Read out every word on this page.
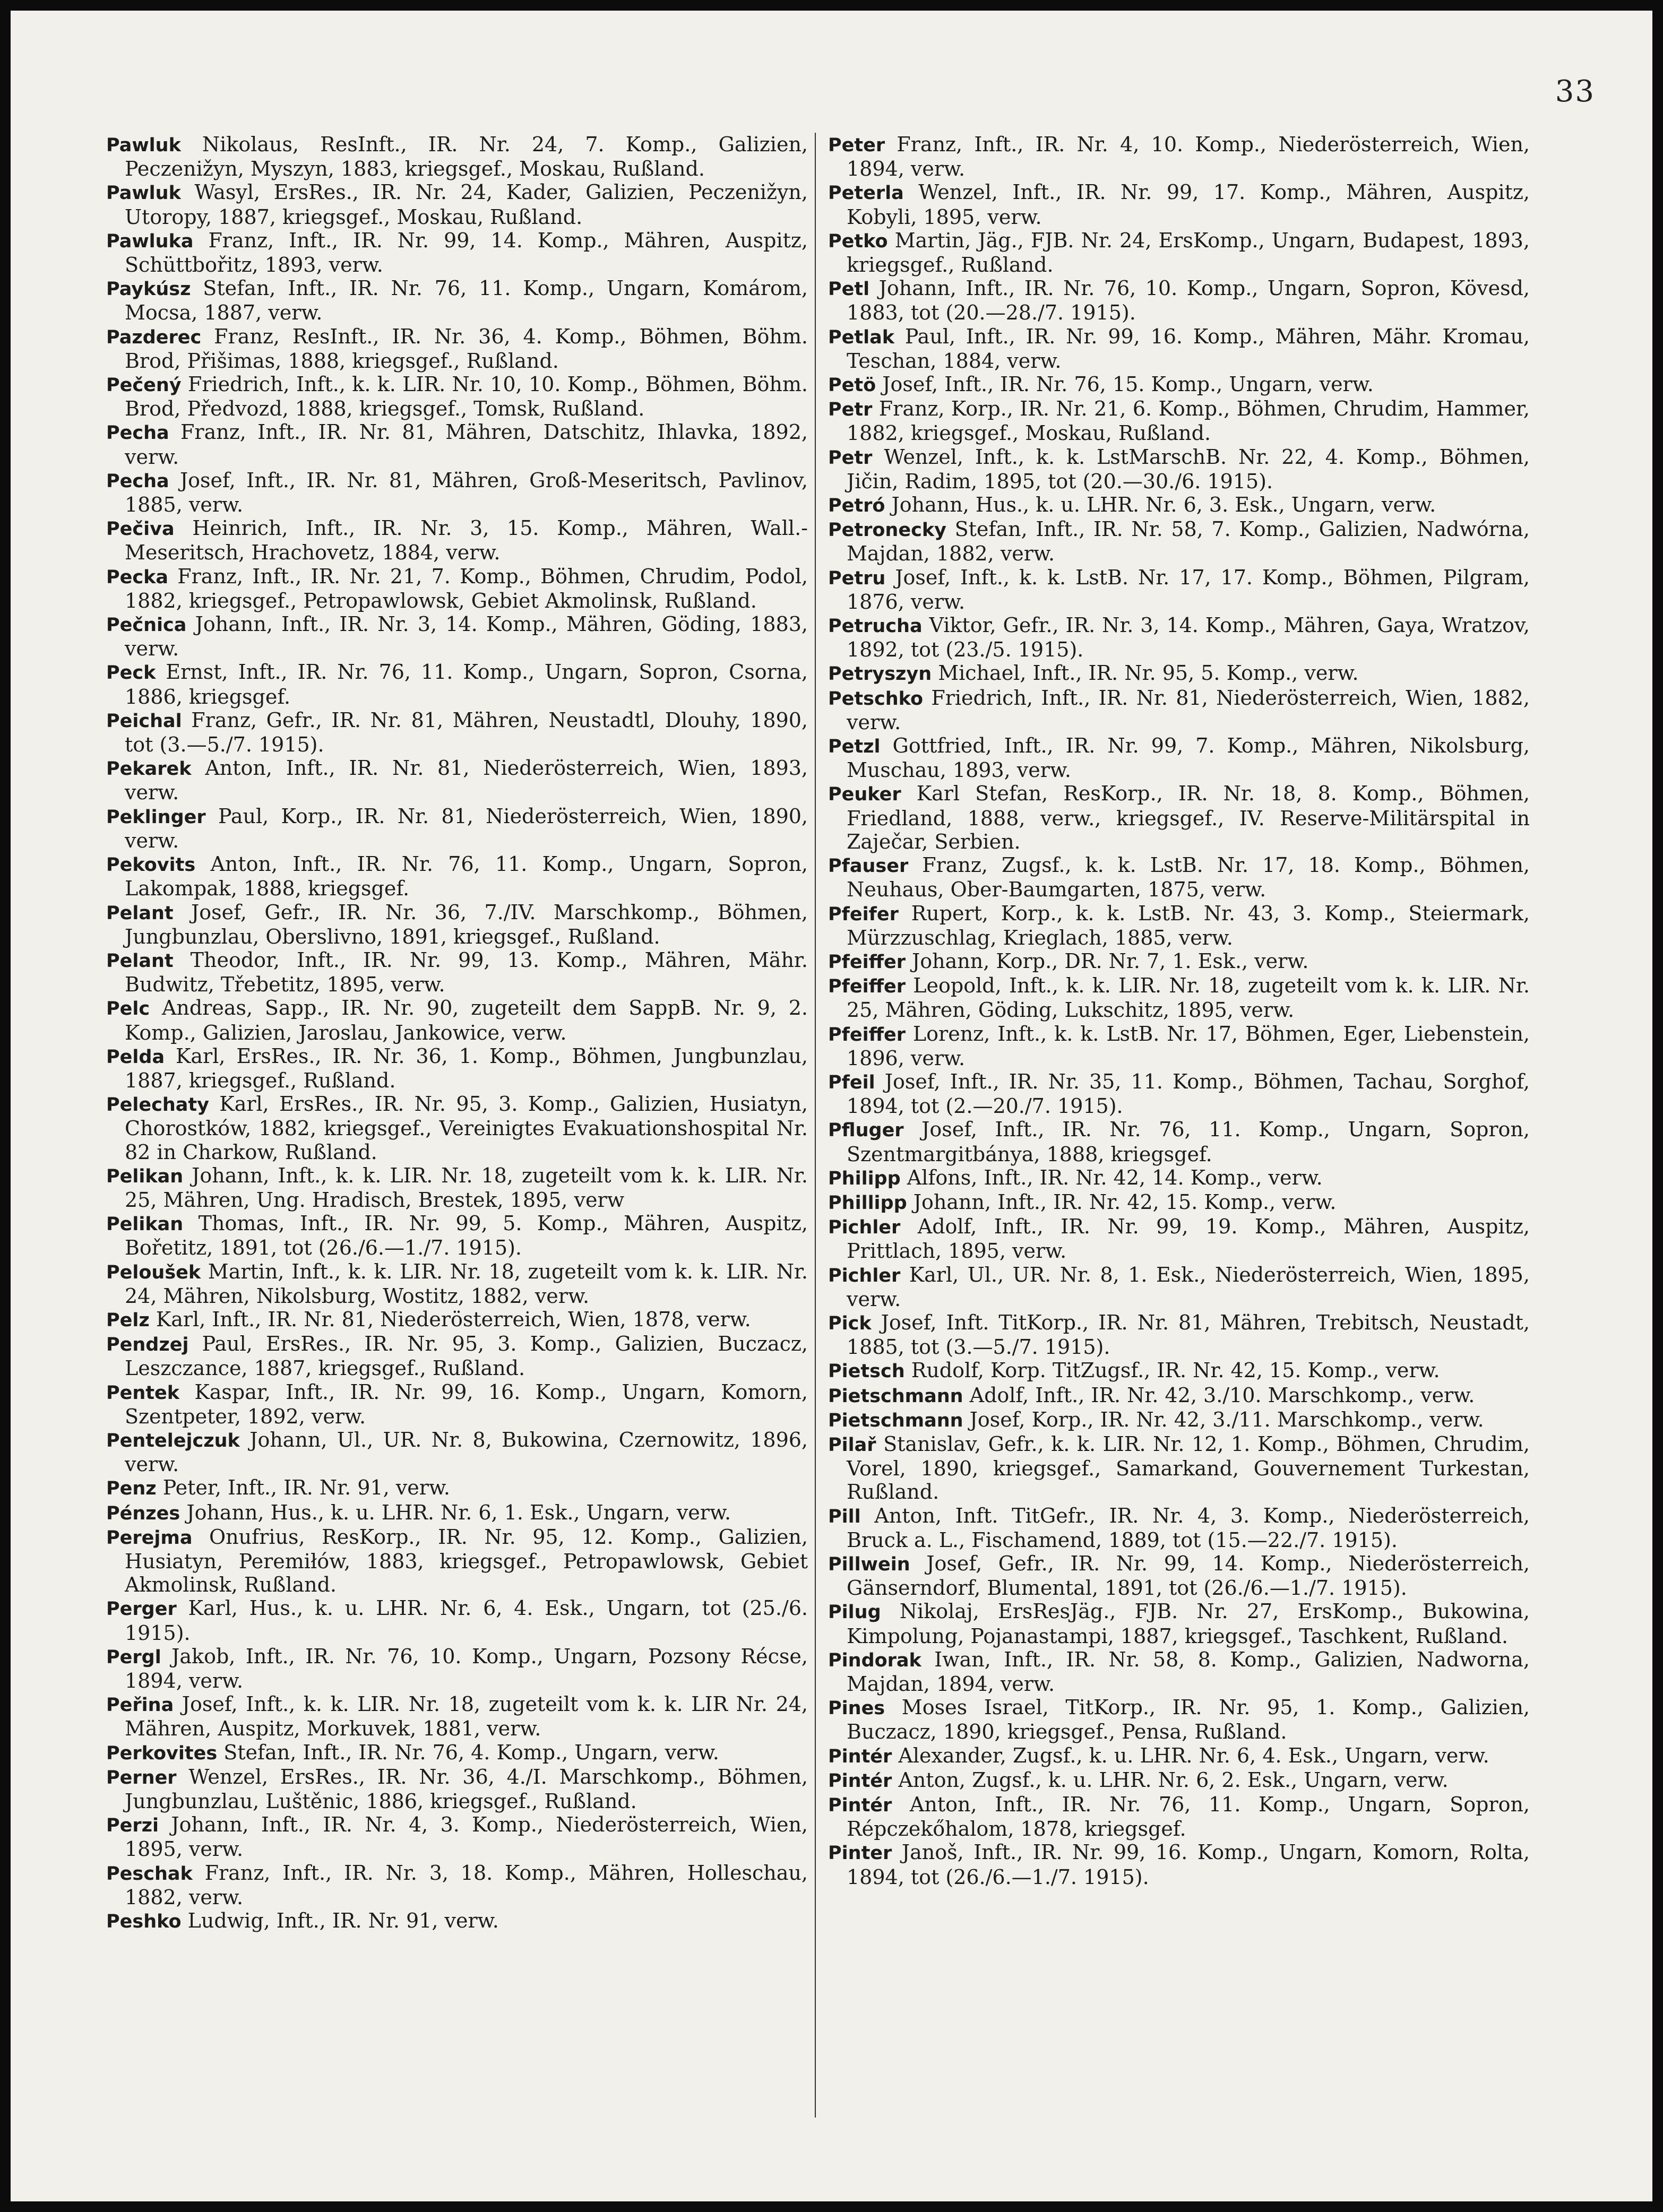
33

Pawluk Nikolaus, ResInft., IR. Nr. 24, 7. Komp., Galizien, Peczenižyn, Myszyn, 1883, kriegsgef., Moskau, Rußland.

Pawluk Wasyl, ErsRes., IR. Nr. 24, Kader, Galizien, Peczenižyn, Utoropy, 1887, kriegsgef., Moskau, Rußland.

Pawluka Franz, Inft., IR. Nr. 99, 14. Komp., Mähren, Auspitz, Schüttbořitz, 1893, verw.

Paykúsz Stefan, Inft., IR. Nr. 76, 11. Komp., Ungarn, Komárom, Mocsa, 1887, verw.

Pazderec Franz, ResInft., IR. Nr. 36, 4. Komp., Böhmen, Böhm. Brod, Přišimas, 1888, kriegsgef., Rußland.

Pečený Friedrich, Inft., k. k. LIR. Nr. 10, 10. Komp., Böhmen, Böhm. Brod, Předvozd, 1888, kriegsgef., Tomsk, Rußland.

Pecha Franz, Inft., IR. Nr. 81, Mähren, Datschitz, Ihlavka, 1892, verw.

Pecha Josef, Inft., IR. Nr. 81, Mähren, Groß-Meseritsch, Pavlinov, 1885, verw.

Pečiva Heinrich, Inft., IR. Nr. 3, 15. Komp., Mähren, Wall.-Meseritsch, Hrachovetz, 1884, verw.

Pecka Franz, Inft., IR. Nr. 21, 7. Komp., Böhmen, Chrudim, Podol, 1882, kriegsgef., Petropawlowsk, Gebiet Akmolinsk, Rußland.

Pečnica Johann, Inft., IR. Nr. 3, 14. Komp., Mähren, Göding, 1883, verw.

Peck Ernst, Inft., IR. Nr. 76, 11. Komp., Ungarn, Sopron, Csorna, 1886, kriegsgef.

Peichal Franz, Gefr., IR. Nr. 81, Mähren, Neustadtl, Dlouhy, 1890, tot (3.—5./7. 1915).

Pekarek Anton, Inft., IR. Nr. 81, Niederösterreich, Wien, 1893, verw.

Peklinger Paul, Korp., IR. Nr. 81, Niederösterreich, Wien, 1890, verw.

Pekovits Anton, Inft., IR. Nr. 76, 11. Komp., Ungarn, Sopron, Lakompak, 1888, kriegsgef.

Pelant Josef, Gefr., IR. Nr. 36, 7./IV. Marschkomp., Böhmen, Jungbunzlau, Oberslivno, 1891, kriegsgef., Rußland.

Pelant Theodor, Inft., IR. Nr. 99, 13. Komp., Mähren, Mähr. Budwitz, Třebetitz, 1895, verw.

Pelc Andreas, Sapp., IR. Nr. 90, zugeteilt dem SappB. Nr. 9, 2. Komp., Galizien, Jaroslau, Jankowice, verw.

Pelda Karl, ErsRes., IR. Nr. 36, 1. Komp., Böhmen, Jungbunzlau, 1887, kriegsgef., Rußland.

Pelechaty Karl, ErsRes., IR. Nr. 95, 3. Komp., Galizien, Husiatyn, Chorostków, 1882, kriegsgef., Vereinigtes Evakuationshospital Nr. 82 in Charkow, Rußland.

Pelikan Johann, Inft., k. k. LIR. Nr. 18, zugeteilt vom k. k. LIR. Nr. 25, Mähren, Ung. Hradisch, Brestek, 1895, verw

Pelikan Thomas, Inft., IR. Nr. 99, 5. Komp., Mähren, Auspitz, Bořetitz, 1891, tot (26./6.—1./7. 1915).

Peloušek Martin, Inft., k. k. LIR. Nr. 18, zugeteilt vom k. k. LIR. Nr. 24, Mähren, Nikolsburg, Wostitz, 1882, verw.

Pelz Karl, Inft., IR. Nr. 81, Niederösterreich, Wien, 1878, verw.

Pendzej Paul, ErsRes., IR. Nr. 95, 3. Komp., Galizien, Buczacz, Leszczance, 1887, kriegsgef., Rußland.

Pentek Kaspar, Inft., IR. Nr. 99, 16. Komp., Ungarn, Komorn, Szentpeter, 1892, verw.

Pentelejczuk Johann, Ul., UR. Nr. 8, Bukowina, Czernowitz, 1896, verw.

Penz Peter, Inft., IR. Nr. 91, verw.

Pénzes Johann, Hus., k. u. LHR. Nr. 6, 1. Esk., Ungarn, verw.

Perejma Onufrius, ResKorp., IR. Nr. 95, 12. Komp., Galizien, Husiatyn, Peremiłów, 1883, kriegsgef., Petropawlowsk, Gebiet Akmolinsk, Rußland.

Perger Karl, Hus., k. u. LHR. Nr. 6, 4. Esk., Ungarn, tot (25./6. 1915).

Pergl Jakob, Inft., IR. Nr. 76, 10. Komp., Ungarn, Pozsony Récse, 1894, verw.

Peřina Josef, Inft., k. k. LIR. Nr. 18, zugeteilt vom k. k. LIR Nr. 24, Mähren, Auspitz, Morkuvek, 1881, verw.

Perkovites Stefan, Inft., IR. Nr. 76, 4. Komp., Ungarn, verw.

Perner Wenzel, ErsRes., IR. Nr. 36, 4./I. Marschkomp., Böhmen, Jungbunzlau, Luštěnic, 1886, kriegsgef., Rußland.

Perzi Johann, Inft., IR. Nr. 4, 3. Komp., Niederösterreich, Wien, 1895, verw.

Peschak Franz, Inft., IR. Nr. 3, 18. Komp., Mähren, Holleschau, 1882, verw.

Peshko Ludwig, Inft., IR. Nr. 91, verw.

Peter Franz, Inft., IR. Nr. 4, 10. Komp., Niederösterreich, Wien, 1894, verw.

Peterla Wenzel, Inft., IR. Nr. 99, 17. Komp., Mähren, Auspitz, Kobyli, 1895, verw.

Petko Martin, Jäg., FJB. Nr. 24, ErsKomp., Ungarn, Budapest, 1893, kriegsgef., Rußland.

Petl Johann, Inft., IR. Nr. 76, 10. Komp., Ungarn, Sopron, Kövesd, 1883, tot (20.—28./7. 1915).

Petlak Paul, Inft., IR. Nr. 99, 16. Komp., Mähren, Mähr. Kromau, Teschan, 1884, verw.

Petö Josef, Inft., IR. Nr. 76, 15. Komp., Ungarn, verw.

Petr Franz, Korp., IR. Nr. 21, 6. Komp., Böhmen, Chrudim, Hammer, 1882, kriegsgef., Moskau, Rußland.

Petr Wenzel, Inft., k. k. LstMarschB. Nr. 22, 4. Komp., Böhmen, Jičin, Radim, 1895, tot (20.—30./6. 1915).

Petró Johann, Hus., k. u. LHR. Nr. 6, 3. Esk., Ungarn, verw.

Petronecky Stefan, Inft., IR. Nr. 58, 7. Komp., Galizien, Nadwórna, Majdan, 1882, verw.

Petru Josef, Inft., k. k. LstB. Nr. 17, 17. Komp., Böhmen, Pilgram, 1876, verw.

Petrucha Viktor, Gefr., IR. Nr. 3, 14. Komp., Mähren, Gaya, Wratzov, 1892, tot (23./5. 1915).

Petryszyn Michael, Inft., IR. Nr. 95, 5. Komp., verw.

Petschko Friedrich, Inft., IR. Nr. 81, Niederösterreich, Wien, 1882, verw.

Petzl Gottfried, Inft., IR. Nr. 99, 7. Komp., Mähren, Nikolsburg, Muschau, 1893, verw.

Peuker Karl Stefan, ResKorp., IR. Nr. 18, 8. Komp., Böhmen, Friedland, 1888, verw., kriegsgef., IV. Reserve-Militärspital in Zaječar, Serbien.

Pfauser Franz, Zugsf., k. k. LstB. Nr. 17, 18. Komp., Böhmen, Neuhaus, Ober-Baumgarten, 1875, verw.

Pfeifer Rupert, Korp., k. k. LstB. Nr. 43, 3. Komp., Steiermark, Mürzzuschlag, Krieglach, 1885, verw.

Pfeiffer Johann, Korp., DR. Nr. 7, 1. Esk., verw.

Pfeiffer Leopold, Inft., k. k. LIR. Nr. 18, zugeteilt vom k. k. LIR. Nr. 25, Mähren, Göding, Lukschitz, 1895, verw.

Pfeiffer Lorenz, Inft., k. k. LstB. Nr. 17, Böhmen, Eger, Liebenstein, 1896, verw.

Pfeil Josef, Inft., IR. Nr. 35, 11. Komp., Böhmen, Tachau, Sorghof, 1894, tot (2.—20./7. 1915).

Pfluger Josef, Inft., IR. Nr. 76, 11. Komp., Ungarn, Sopron, Szentmargitbánya, 1888, kriegsgef.

Philipp Alfons, Inft., IR. Nr. 42, 14. Komp., verw.

Phillipp Johann, Inft., IR. Nr. 42, 15. Komp., verw.

Pichler Adolf, Inft., IR. Nr. 99, 19. Komp., Mähren, Auspitz, Prittlach, 1895, verw.

Pichler Karl, Ul., UR. Nr. 8, 1. Esk., Niederösterreich, Wien, 1895, verw.

Pick Josef, Inft. TitKorp., IR. Nr. 81, Mähren, Trebitsch, Neustadt, 1885, tot (3.—5./7. 1915).

Pietsch Rudolf, Korp. TitZugsf., IR. Nr. 42, 15. Komp., verw.

Pietschmann Adolf, Inft., IR. Nr. 42, 3./10. Marschkomp., verw.

Pietschmann Josef, Korp., IR. Nr. 42, 3./11. Marschkomp., verw.

Pilař Stanislav, Gefr., k. k. LIR. Nr. 12, 1. Komp., Böhmen, Chrudim, Vorel, 1890, kriegsgef., Samarkand, Gouvernement Turkestan, Rußland.

Pill Anton, Inft. TitGefr., IR. Nr. 4, 3. Komp., Niederösterreich, Bruck a. L., Fischamend, 1889, tot (15.—22./7. 1915).

Pillwein Josef, Gefr., IR. Nr. 99, 14. Komp., Niederösterreich, Gänserndorf, Blumental, 1891, tot (26./6.—1./7. 1915).

Pilug Nikolaj, ErsResJäg., FJB. Nr. 27, ErsKomp., Bukowina, Kimpolung, Pojanastampi, 1887, kriegsgef., Taschkent, Rußland.

Pindorak Iwan, Inft., IR. Nr. 58, 8. Komp., Galizien, Nadworna, Majdan, 1894, verw.

Pines Moses Israel, TitKorp., IR. Nr. 95, 1. Komp., Galizien, Buczacz, 1890, kriegsgef., Pensa, Rußland.

Pintér Alexander, Zugsf., k. u. LHR. Nr. 6, 4. Esk., Ungarn, verw.

Pintér Anton, Zugsf., k. u. LHR. Nr. 6, 2. Esk., Ungarn, verw.

Pintér Anton, Inft., IR. Nr. 76, 11. Komp., Ungarn, Sopron, Répczekőhalom, 1878, kriegsgef.

Pinter Janoš, Inft., IR. Nr. 99, 16. Komp., Ungarn, Komorn, Rolta, 1894, tot (26./6.—1./7. 1915).
